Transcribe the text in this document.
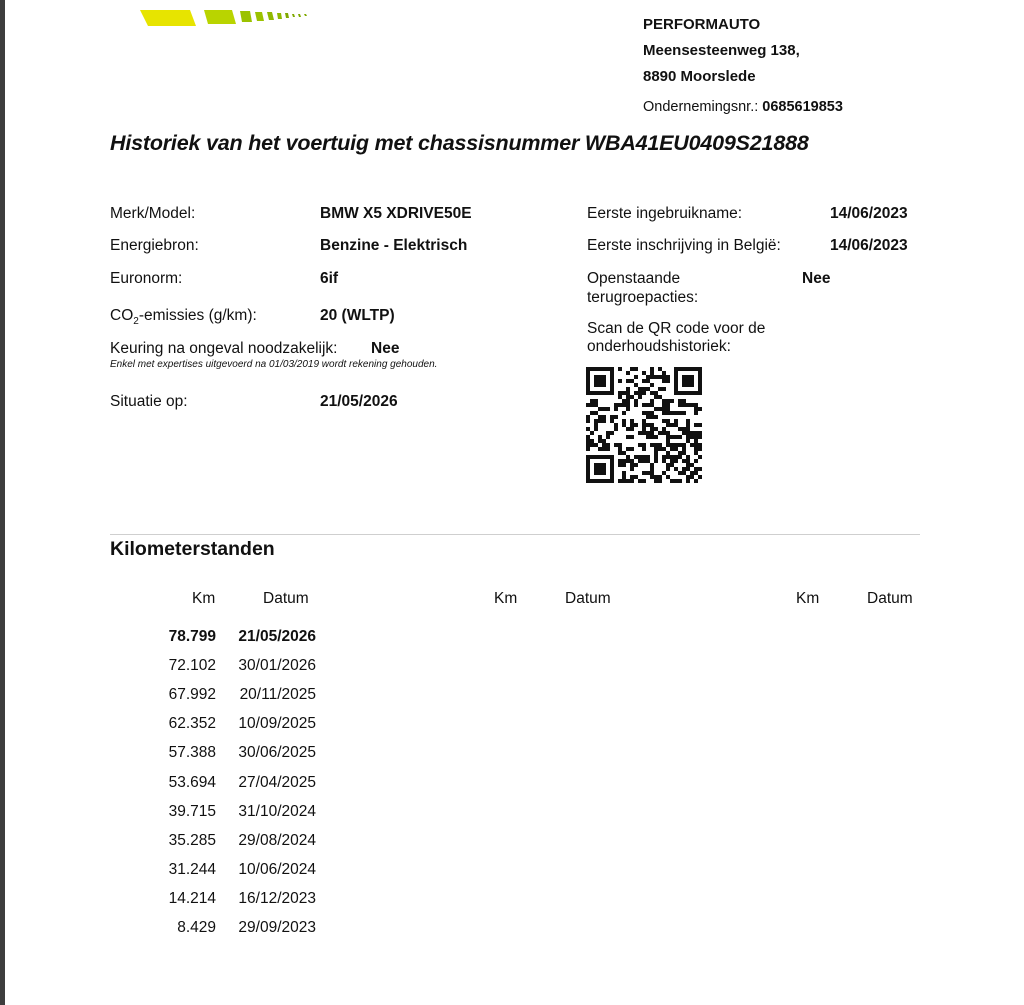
PERFORMAUTO
Meensesteenweg 138,
8890 Moorslede
Ondernemingsnr.: 0685619853
Historiek van het voertuig met chassisnummer WBA41EU0409S21888
Merk/Model:	BMW X5 XDRIVE50E
Energiebron:	Benzine - Elektrisch
Euronorm:	6if
$CO_2$-emissies (g/km):	20 (WLTP)
Keuring na ongeval noodzakelijk: Nee
Enkel met expertises uitgevoerd na 01/03/2019 wordt rekening gehouden.
Situatie op:	21/05/2026
Eerste ingebruikname:	14/06/2023
Eerste inschrijving in België:	14/06/2023
Openstaande
terugroepacties:
Nee
Scan de QR code voor de
onderhoudshistoriek:
Kilometerstanden
Km	Datum	Km	Datum	Km	Datum
78.799	21/05/2026
72.102	30/01/2026
67.992	20/11/2025
62.352	10/09/2025
57.388	30/06/2025
53.694	27/04/2025
39.715	31/10/2024
35.285	29/08/2024
31.244	10/06/2024
14.214	16/12/2023
8.429	29/09/2023
